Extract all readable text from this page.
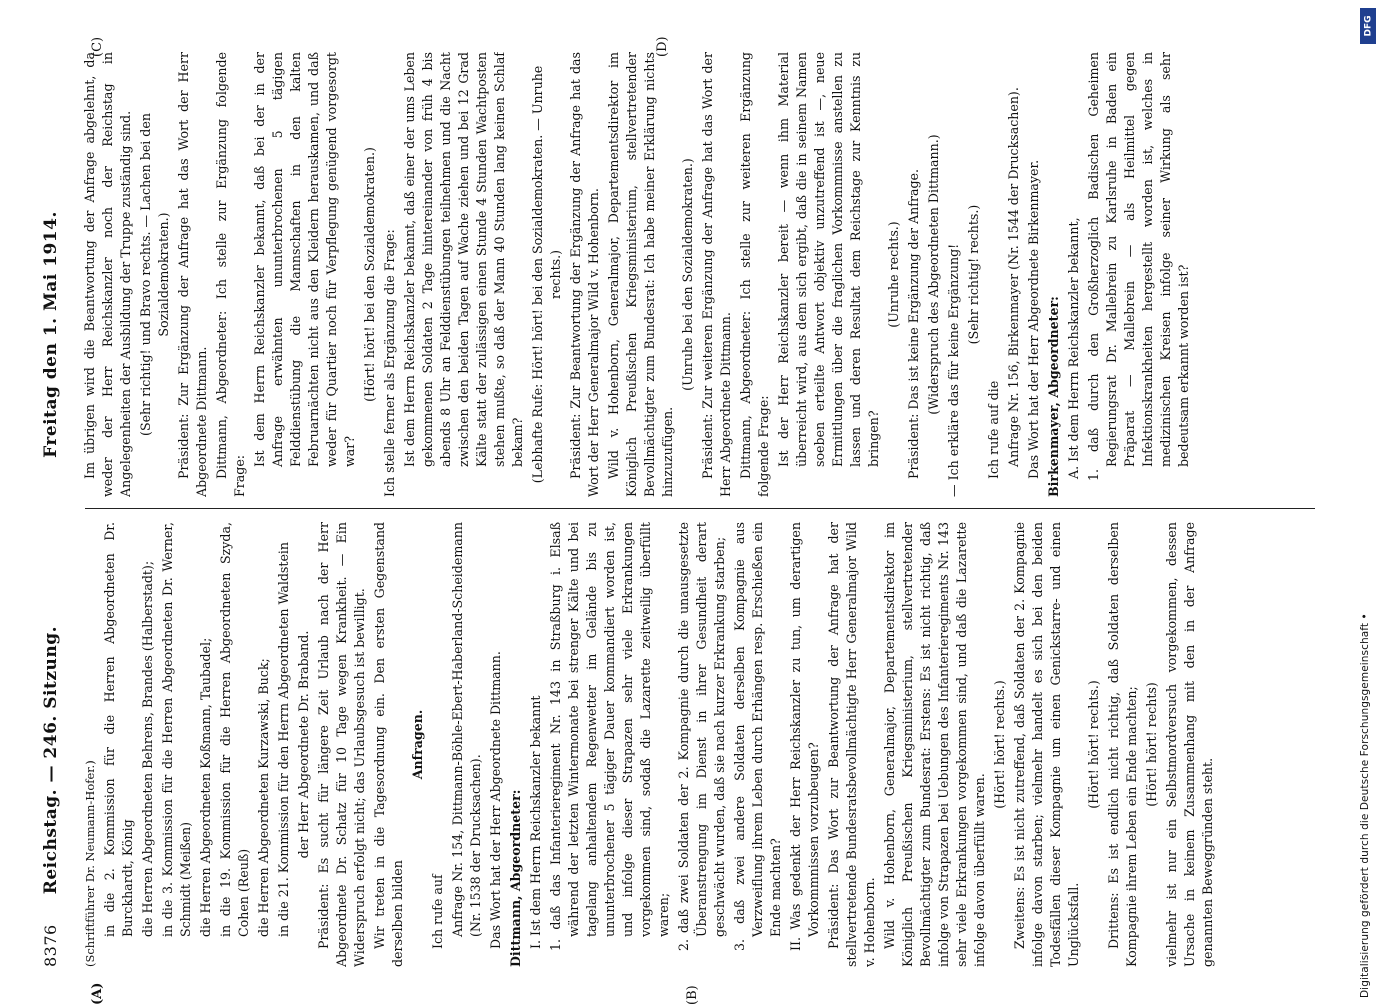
8376
Reichstag. — 246. Sitzung.
Freitag den 1. Mai 1914.
(A)	(B)
(C)	(D)

(Schriftführer Dr. Neumann-Hofer.) in die 2. Kommission für die Herren Abgeordneten Dr. Burckhardt, König die Herren Abgeordneten Behrens, Brandes (Halberstadt); in die 3. Kommission für die Herren Abgeordneten Dr. Werner, Schmidt (Meißen) die Herren Abgeordneten Koßmann, Taubadel; in die 19. Kommission für die Herren Abgeordneten Szyda, Cohen (Reuß) die Herren Abgeordneten Kurzawski, Buck; in die 21. Kommission für den Herrn Abgeordneten Waldstein der Herr Abgeordnete Dr. Braband. Präsident: Es sucht für längere Zeit Urlaub nach der Herr Abgeordnete Dr. Schatz für 10 Tage wegen Krankheit. — Ein Widerspruch erfolgt nicht; das Urlaubsgesuch ist bewilligt. Wir treten in die Tagesordnung ein. Den ersten Gegenstand derselben bilden

Anfragen.

Ich rufe auf Anfrage Nr. 154, Dittmann-Böhle-Ebert-Haberland-Scheidemann (Nr. 1538 der Drucksachen). Das Wort hat der Herr Abgeordnete Dittmann. Dittmann, Abgeordneter: I. Ist dem Herrn Reichskanzler bekannt 1. daß das Infanterieregiment Nr. 143 in Straßburg i. Elsaß während der letzten Wintermonate bei strenger Kälte und bei tagelang anhaltendem Regenwetter im Gelände bis zu ununterbrochener 5 tägiger Dauer kommandiert worden ist, und infolge dieser Strapazen sehr viele Erkrankungen vorgekommen sind, sodaß die Lazarette zeitweilig überfüllt waren; 2. daß zwei Soldaten der 2. Kompagnie durch die unausgesetzte Überanstrengung im Dienst in ihrer Gesundheit derart geschwächt wurden, daß sie nach kurzer Erkrankung starben; 3. daß zwei andere Soldaten derselben Kompagnie aus Verzweiflung ihrem Leben durch Erhängen resp. Erschießen ein Ende machten? II. Was gedenkt der Herr Reichskanzler zu tun, um derartigen Vorkommnissen vorzubeugen? Präsident: Das Wort zur Beantwortung der Anfrage hat der stellvertretende Bundesratsbevollmächtigte Herr Generalmajor Wild v. Hohenborn. Wild v. Hohenborn, Generalmajor, Departementsdirektor im Königlich Preußischen Kriegsministerium, stellvertretender Bevollmächtigter zum Bundesrat: Erstens: Es ist nicht richtig, daß infolge von Strapazen bei Uebungen des Infanterieregiments Nr. 143 sehr viele Erkrankungen vorgekommen sind, und daß die Lazarette infolge davon überfüllt waren.

(Hört! hört! rechts.) Zweitens: Es ist nicht zutreffend, daß Soldaten der 2. Kompagnie infolge davon starben; vielmehr handelt es sich bei den beiden Todesfällen dieser Kompagnie um einen Genickstarre- und einen Unglücksfall.

(Hört! hört! rechts.) Drittens: Es ist endlich nicht richtig, daß Soldaten derselben Kompagnie ihrem Leben ein Ende machten; (Hört! hört! rechts) vielmehr ist nur ein Selbstmordversuch vorgekommen, dessen Ursache in keinem Zusammenhang mit den in der Anfrage genannten Beweggründen steht.

Im übrigen wird die Beantwortung der Anfrage abgelehnt, da weder der Herr Reichskanzler noch der Reichstag in Angelegenheiten der Ausbildung der Truppe zuständig sind. (Sehr richtig! und Bravo rechts. — Lachen bei den Sozialdemokraten.) Präsident: Zur Ergänzung der Anfrage hat das Wort der Herr Abgeordnete Dittmann. Dittmann, Abgeordneter: Ich stelle zur Ergänzung folgende Frage:

Ist dem Herrn Reichskanzler bekannt, daß bei der in der Anfrage erwähnten ununterbrochenen 5 tägigen Felddienstübung die Mannschaften in den kalten Februarnächten nicht aus den Kleidern herauskamen, und daß weder für Quartier noch für Verpflegung genügend vorgesorgt war?

(Hört! hört! bei den Sozialdemokraten.) Ich stelle ferner als Ergänzung die Frage: Ist dem Herrn Reichskanzler bekannt, daß einer der ums Leben gekommenen Soldaten 2 Tage hintereinander von früh 4 bis abends 8 Uhr an Felddienstübungen teilnehmen und die Nacht zwischen den beiden Tagen auf Wache ziehen und bei 12 Grad Kälte statt der zulässigen einen Stunde 4 Stunden Wachtposten stehen mußte, so daß der Mann 40 Stunden lang keinen Schlaf bekam? (Lebhafte Rufe: Hört! hört! bei den Sozialdemokraten. — Unruhe rechts.) Präsident: Zur Beantwortung der Ergänzung der Anfrage hat das Wort der Herr Generalmajor Wild v. Hohenborn. Wild v. Hohenborn, Generalmajor, Departementsdirektor im Königlich Preußischen Kriegsministerium, stellvertretender Bevollmächtigter zum Bundesrat: Ich habe meiner Erklärung nichts hinzuzufügen.

(Unruhe bei den Sozialdemokraten.) Präsident: Zur weiteren Ergänzung der Anfrage hat das Wort der Herr Abgeordnete Dittmann. Dittmann, Abgeordneter: Ich stelle zur weiteren Ergänzung folgende Frage: Ist der Herr Reichskanzler bereit — wenn ihm Material überreicht wird, aus dem sich ergibt, daß die in seinem Namen soeben erteilte Antwort objektiv unzutreffend ist —, neue Ermittlungen über die fraglichen Vorkommnisse anstellen zu lassen und deren Resultat dem Reichstage zur Kenntnis zu bringen?

(Unruhe rechts.) Präsident: Das ist keine Ergänzung der Anfrage. (Widerspruch des Abgeordneten Dittmann.) — Ich erkläre das für keine Ergänzung! (Sehr richtig! rechts.)

Ich rufe auf die Anfrage Nr. 156, Birkenmayer (Nr. 1544 der Drucksachen). Das Wort hat der Herr Abgeordnete Birkenmayer. Birkenmayer, Abgeordneter: A. Ist dem Herrn Reichskanzler bekannt, 1. daß durch den Großherzoglich Badischen Geheimen Regierungsrat Dr. Mallebrein zu Karlsruhe in Baden ein Präparat — Mallebrein — als Heilmittel gegen Infektionskrankheiten hergestellt worden ist, welches in medizinischen Kreisen infolge seiner Wirkung als sehr bedeutsam erkannt worden ist?

DFG
Digitalisierung gefördert durch die Deutsche Forschungsgemeinschaft •
